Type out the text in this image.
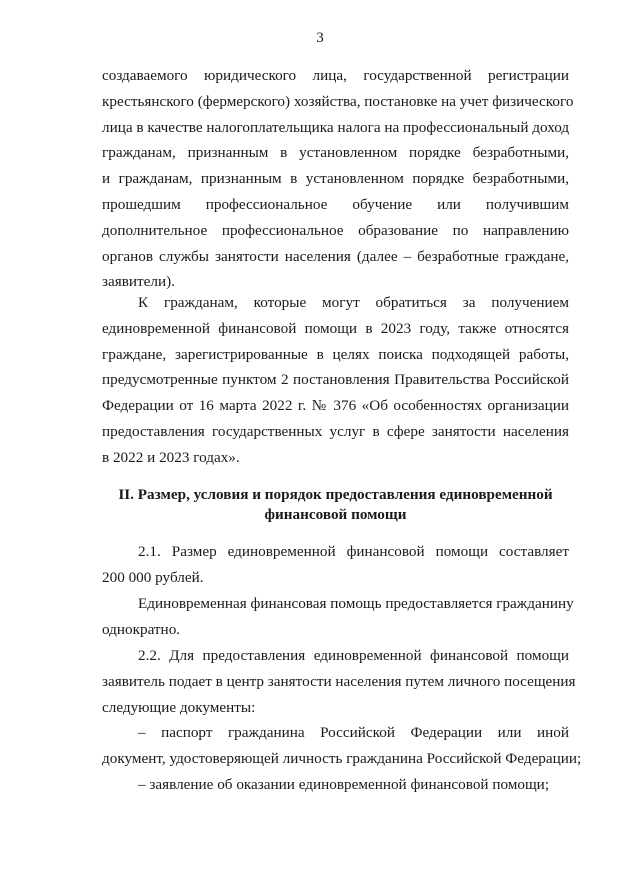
3
создаваемого юридического лица, государственной регистрации
крестьянского (фермерского) хозяйства, постановке на учет физического
лица в качестве налогоплательщика налога на профессиональный доход
гражданам, признанным в установленном порядке безработными,
и гражданам, признанным в установленном порядке безработными,
прошедшим профессиональное обучение или получившим
дополнительное профессиональное образование по направлению
органов службы занятости населения (далее – безработные граждане,
заявители).
К гражданам, которые могут обратиться за получением
единовременной финансовой помощи в 2023 году, также относятся
граждане, зарегистрированные в целях поиска подходящей работы,
предусмотренные пунктом 2 постановления Правительства Российской
Федерации от 16 марта 2022 г. № 376 «Об особенностях организации
предоставления государственных услуг в сфере занятости населения
в 2022 и 2023 годах».
II. Размер, условия и порядок предоставления единовременной
финансовой помощи
2.1. Размер единовременной финансовой помощи составляет
200 000 рублей.
Единовременная финансовая помощь предоставляется гражданину
однократно.
2.2. Для предоставления единовременной финансовой помощи
заявитель подает в центр занятости населения путем личного посещения
следующие документы:
– паспорт гражданина Российской Федерации или иной
документ, удостоверяющей личность гражданина Российской Федерации;
– заявление об оказании единовременной финансовой помощи;
